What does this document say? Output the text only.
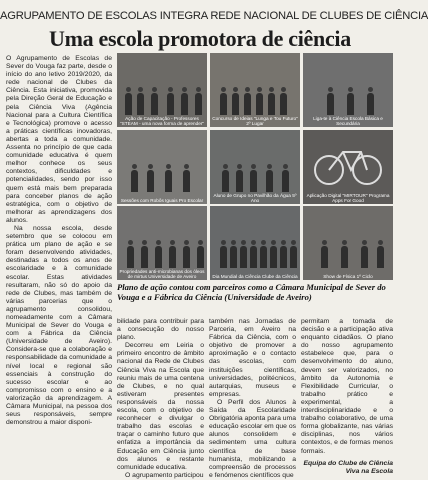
AGRUPAMENTO DE ESCOLAS INTEGRA REDE NACIONAL DE CLUBES DE CIÊNCIA
Uma escola promotora de ciência

O Agrupamento de Escolas de Sever do Vouga faz parte, desde o início do ano letivo 2019/2020, da rede nacional de Clubes da Ciência. Esta iniciativa, promovida pela Direção Geral de Educação e pela Ciência Viva (Agência Nacional para a Cultura Científica e Tecnológica) promove o acesso a práticas científicas inovadoras, abertas a toda a comunidade. Assenta no princípio de que cada comunidade educativa é quem melhor conhece os seus contextos, dificuldades e potencialidades, sendo por isso quem está mais bem preparada para conceber planos de ação estratégica, com o objetivo de melhorar as aprendizagens dos alunos.

Na nossa escola, desde setembro que se colocou em prática um plano de ação e se foram desenvolvendo atividades, destinadas a todos os anos de escolaridade e à comunidade escolar. Estas atividades resultaram, não só do apoio da rede de Clubes, mas também de várias parcerias que o agrupamento consolidou, nomeadamente com a Câmara Municipal de Sever do Vouga e com a Fábrica da Ciência (Universidade de Aveiro). Considera-se que a colaboração e responsabilidade da comunidade a nível local e regional são essenciais à construção do sucesso escolar e ao compromisso com o ensino e a valorização da aprendizagem. A Câmara Municipal, na pessoa dos seus responsáveis, sempre demonstrou a maior disponi-

Ação de Capacitação - Professores "STEAM - uma nova forma de aprender"
Concurso de Ideias "Lunga e Tou Futuro" 2º Lugar
Liga-te à Ciência Escola Básica e Secundária
Sessões com Robôs Iguais Pro Escolar
Aluno de Grupo no Pavilhão da Água 5º Ano
Aplicação Digital "MIRTOUR" Programa Apps For Good
Propriedades anti-microbianas dos óleos de mirtus Universidade de Aveiro	Dia Mundial da Ciência Clube da Ciência	Show de Física 1º Ciclo
Plano de ação contou com parceiros como a Câmara Municipal de Sever do Vouga e a Fábrica da Ciência (Universidade de Aveiro)

bilidade para contribuir para a consecução do nosso plano.

Decorreu em Leiria o primeiro encontro de âmbito nacional da Rede de Clubes Ciência Viva na Escola que reuniu mais de uma centena de Clubes, e no qual estiveram presentes responsáveis da nossa escola, com o objetivo de reconhecer e divulgar o trabalho das escolas e traçar o caminho futuro que enfatiza a importância da Educação em Ciência junto dos alunos e restante comunidade educativa.

O agrupamento participou

também nas Jornadas de Parceria, em Aveiro na Fábrica da Ciência, com o objetivo de promover a aproximação e o contacto das escolas, com instituições científicas, universidades, politécnicos, autarquias, museus e empresas.

O Perfil dos Alunos à Saída da Escolaridade Obrigatória aponta para uma educação escolar em que os alunos consolidem e sedimentem uma cultura científica de base humanista, mobilizando a compreensão de processos e fenómenos científicos que

permitam a tomada de decisão e a participação ativa enquanto cidadãos. O plano do nosso agrupamento estabelece que, para o desenvolvimento do aluno, devem ser valorizados, no âmbito da Autonomia e Flexibilidade Curricular, o trabalho prático e experimental, a interdisciplinaridade e o trabalho colaborativo, de uma forma globalizante, nas várias disciplinas, nos vários contextos, e de formas menos formais.

Equipa do Clube de Ciência Viva na Escola
